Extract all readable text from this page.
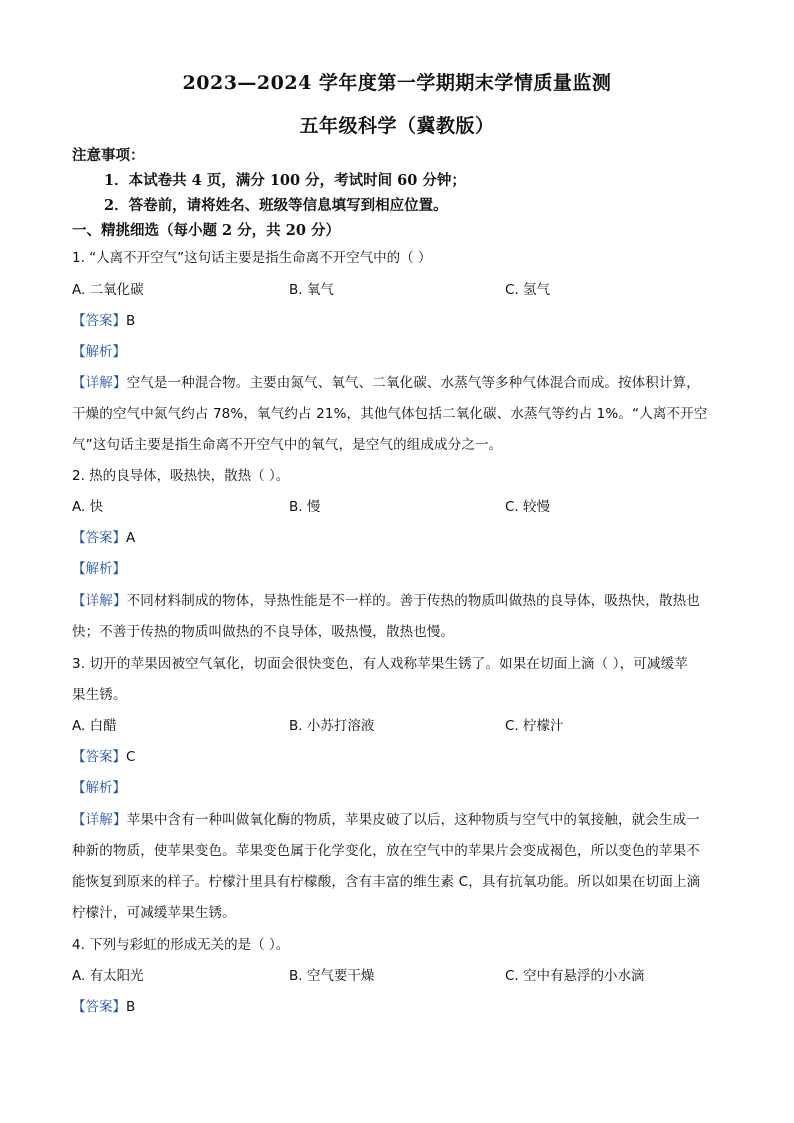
2023—2024 学年度第一学期期末学情质量监测
五年级科学（冀教版）
注意事项：
1．本试卷共 4 页，满分 100 分，考试时间 60 分钟；
2．答卷前，请将姓名、班级等信息填写到相应位置。
一、精挑细选（每小题 2 分，共 20 分）
1. “人离不开空气”这句话主要是指生命离不开空气中的（ ）
A. 二氧化碳	B. 氧气	C. 氢气
【答案】B
【解析】
【详解】空气是一种混合物。主要由氮气、氧气、二氧化碳、水蒸气等多种气体混合而成。按体积计算，
干燥的空气中氮气约占 78%，氧气约占 21%，其他气体包括二氧化碳、水蒸气等约占 1%。“人离不开空
气”这句话主要是指生命离不开空气中的氧气，是空气的组成成分之一。
2. 热的良导体，吸热快，散热（ ）。
A. 快	B. 慢	C. 较慢
【答案】A
【解析】
【详解】不同材料制成的物体，导热性能是不一样的。善于传热的物质叫做热的良导体，吸热快，散热也
快；不善于传热的物质叫做热的不良导体，吸热慢，散热也慢。
3. 切开的苹果因被空气氧化，切面会很快变色，有人戏称苹果生锈了。如果在切面上滴（ ），可减缓苹
果生锈。
A. 白醋	B. 小苏打溶液	C. 柠檬汁
【答案】C
【解析】
【详解】苹果中含有一种叫做氧化酶的物质，苹果皮破了以后，这种物质与空气中的氧接触，就会生成一
种新的物质，使苹果变色。苹果变色属于化学变化，放在空气中的苹果片会变成褐色，所以变色的苹果不
能恢复到原来的样子。柠檬汁里具有柠檬酸，含有丰富的维生素 C，具有抗氧功能。所以如果在切面上滴
柠檬汁，可减缓苹果生锈。
4. 下列与彩虹的形成无关的是（ ）。
A. 有太阳光	B. 空气要干燥	C. 空中有悬浮的小水滴
【答案】B
